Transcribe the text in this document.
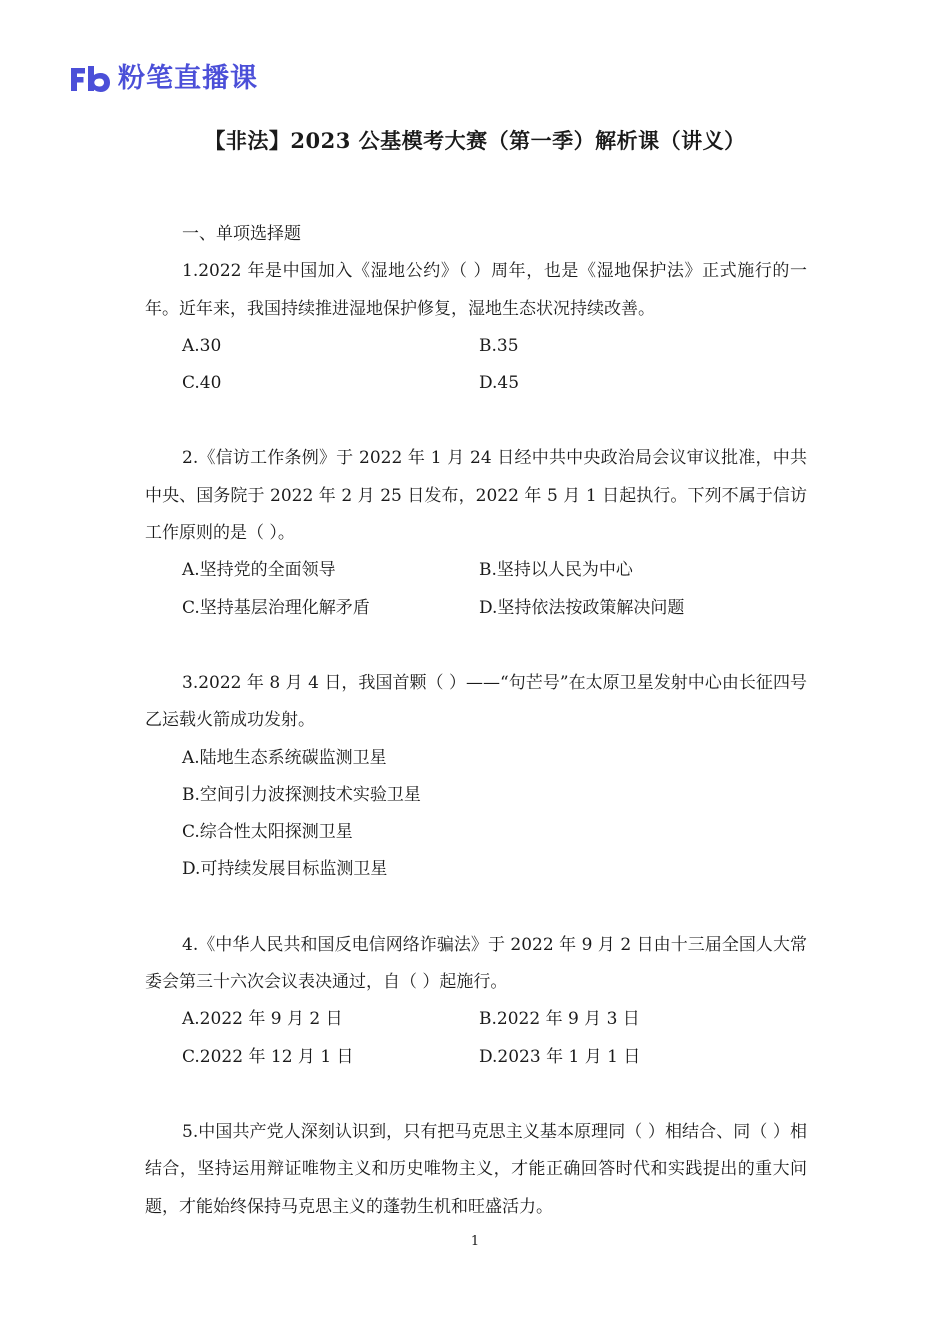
粉笔直播课
【非法】2023 公基模考大赛（第一季）解析课（讲义）
一、单项选择题
1.2022 年是中国加入《湿地公约》（ ）周年，也是《湿地保护法》正式施行的一年。近年来，我国持续推进湿地保护修复，湿地生态状况持续改善。
A.30	B.35
C.40	D.45
2.《信访工作条例》于 2022 年 1 月 24 日经中共中央政治局会议审议批准，中共中央、国务院于 2022 年 2 月 25 日发布，2022 年 5 月 1 日起执行。下列不属于信访工作原则的是（ ）。
A.坚持党的全面领导	B.坚持以人民为中心
C.坚持基层治理化解矛盾	D.坚持依法按政策解决问题
3.2022 年 8 月 4 日，我国首颗（ ）——“句芒号”在太原卫星发射中心由长征四号乙运载火箭成功发射。
A.陆地生态系统碳监测卫星
B.空间引力波探测技术实验卫星
C.综合性太阳探测卫星
D.可持续发展目标监测卫星
4.《中华人民共和国反电信网络诈骗法》于 2022 年 9 月 2 日由十三届全国人大常委会第三十六次会议表决通过，自（ ）起施行。
A.2022 年 9 月 2 日	B.2022 年 9 月 3 日
C.2022 年 12 月 1 日	D.2023 年 1 月 1 日
5.中国共产党人深刻认识到，只有把马克思主义基本原理同（ ）相结合、同（ ）相结合，坚持运用辩证唯物主义和历史唯物主义，才能正确回答时代和实践提出的重大问题，才能始终保持马克思主义的蓬勃生机和旺盛活力。
1
